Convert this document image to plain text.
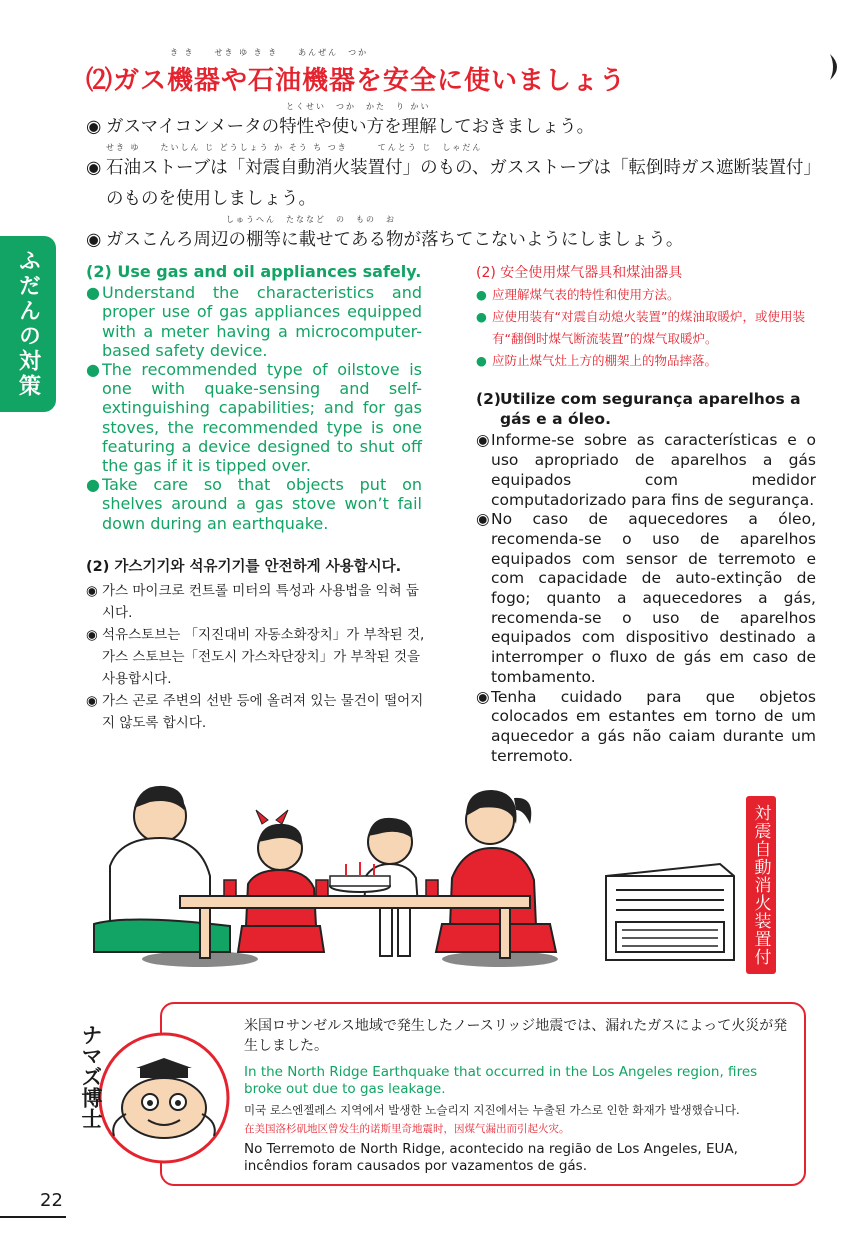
き き　　せき ゆ き き　　あんぜん　つか
⑵ガス機器や石油機器を安全に使いましょう
とくせい　つか　かた　り かい
◉ ガスマイコンメータの特性や使い方を理解しておきましょう。
せき ゆ　　たいしん じ どうしょう か そう ち つき　　　てんとう じ　しゃだん
◉ 石油ストーブは「対震自動消火装置付」のもの、ガスストーブは「転倒時ガス遮断装置付」のものを使用しましょう。
しゅうへん　たななど　の　もの　お
◉ ガスこんろ周辺の棚等に載せてある物が落ちてこないようにしましょう。
ふだんの対策	(2) Use gas and oil appliances safely.
● Understand the characteristics and proper use of gas appliances equipped with a meter having a microcomputer-based safety device.
● The recommended type of oilstove is one with quake-sensing and self-extinguishing capabilities; and for gas stoves, the recommended type is one featuring a device designed to shut off the gas if it is tipped over.
● Take care so that objects put on shelves around a gas stove won’t fail down during an earthquake.
(2) 가스기기와 석유기기를 안전하게 사용합시다.
◉ 가스 마이크로 컨트롤 미터의 특성과 사용법을 익혀 둡시다.
◉ 석유스토브는 「지진대비 자동소화장치」가 부착된 것, 가스 스토브는「전도시 가스차단장치」가 부착된 것을 사용합시다.
◉ 가스 곤로 주변의 선반 등에 올려져 있는 물건이 떨어지지 않도록 합시다.
(2) 安全使用煤气器具和煤油器具
● 应理解煤气表的特性和使用方法。
● 应使用装有“对震自动熄火装置”的煤油取暖炉，或使用装有“翻倒时煤气断流装置”的煤气取暖炉。
● 应防止煤气灶上方的棚架上的物品摔落。
(2) Utilize com segurança aparelhos a gás e a óleo.
◉ Informe-se sobre as características e o uso apropriado de aparelhos a gás equipados com medidor computadorizado para fins de segurança.
◉ No caso de aquecedores a óleo, recomenda-se o uso de aparelhos equipados com sensor de terremoto e com capacidade de auto-extinção de fogo; quanto a aquecedores a gás, recomenda-se o uso de aparelhos equipados com dispositivo destinado a interromper o fluxo de gás em caso de tombamento.
◉ Tenha cuidado para que objetos colocados em estantes em torno de um aquecedor a gás não caiam durante um terremoto.
対震自動消火装置付
ナマズ博士	米国ロサンゼルス地域で発生したノースリッジ地震では、漏れたガスによって火災が発生しました。
In the North Ridge Earthquake that occurred in the Los Angeles region, fires broke out due to gas leakage.
미국 로스엔젤레스 지역에서 발생한 노슬리지 지진에서는 누출된 가스로 인한 화재가 발생했습니다.
在美国洛杉矶地区曾发生的诺斯里奇地震时，因煤气漏出而引起火灾。
No Terremoto de North Ridge, acontecido na região de Los Angeles, EUA, incêndios foram causados por vazamentos de gás.
22
